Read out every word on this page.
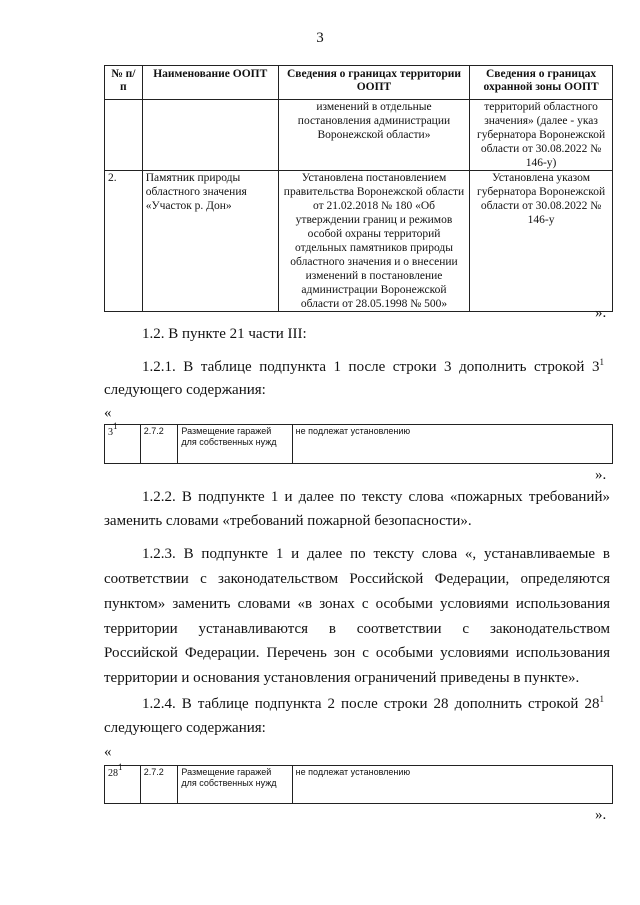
3
№ п/п	Наименование ООПТ	Сведения о границах территории ООПТ	Сведения о границах охранной зоны ООПТ
		изменений в отдельные постановления администрации Воронежской области»	территорий областного значения» (далее - указ губернатора Воронежской области от 30.08.2022 № 146-у)
2.	Памятник природы областного значения «Участок р. Дон»	Установлена постановлением правительства Воронежской области от 21.02.2018 № 180 «Об утверждении границ и режимов особой охраны территорий отдельных памятников природы областного значения и о внесении изменений в постановление администрации Воронежской области от 28.05.1998 № 500»	Установлена указом губернатора Воронежской области от 30.08.2022 № 146-у
».
1.2. В пункте 21 части III:
1.2.1. В таблице подпункта 1 после строки 3 дополнить строкой $3^1$
следующего содержания:
«
$3^1$	2.7.2	Размещение гаражей для собственных нужд	не подлежат установлению
».
1.2.2. В подпункте 1 и далее по тексту слова «пожарных требований»
заменить словами «требований пожарной безопасности».
1.2.3. В подпункте 1 и далее по тексту слова «, устанавливаемые в
соответствии с законодательством Российской Федерации, определяются
пунктом» заменить словами «в зонах с особыми условиями использования
территории устанавливаются в соответствии с законодательством
Российской Федерации. Перечень зон с особыми условиями использования
территории и основания установления ограничений приведены в пункте».
1.2.4. В таблице подпункта 2 после строки 28 дополнить строкой $28^1$
следующего содержания:
«
$28^1$	2.7.2	Размещение гаражей для собственных нужд	не подлежат установлению
».
